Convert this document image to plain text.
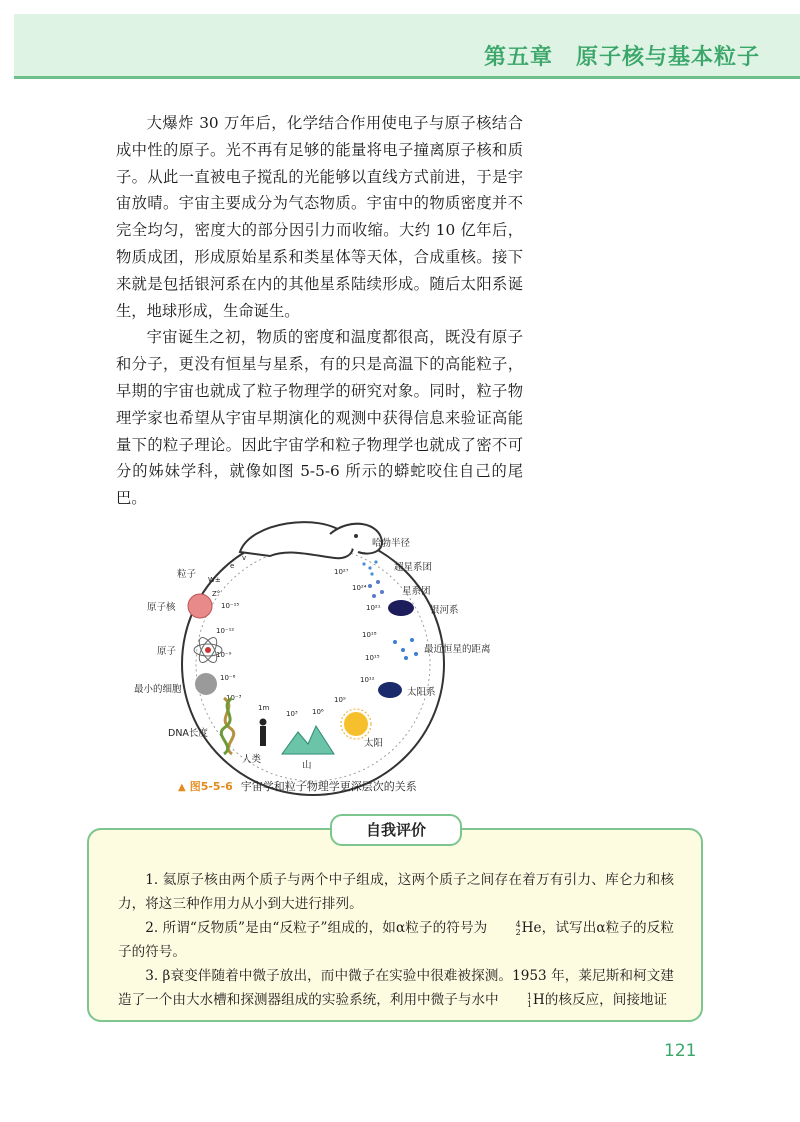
第五章　原子核与基本粒子

大爆炸 30 万年后，化学结合作用使电子与原子核结合成中性的原子。光不再有足够的能量将电子撞离原子核和质子。从此一直被电子搅乱的光能够以直线方式前进，于是宇宙放晴。宇宙主要成分为气态物质。宇宙中的物质密度并不完全均匀，密度大的部分因引力而收缩。大约 10 亿年后，物质成团，形成原始星系和类星体等天体，合成重核。接下来就是包括银河系在内的其他星系陆续形成。随后太阳系诞生，地球形成，生命诞生。

宇宙诞生之初，物质的密度和温度都很高，既没有原子和分子，更没有恒星与星系，有的只是高温下的高能粒子，早期的宇宙也就成了粒子物理学的研究对象。同时，粒子物理学家也希望从宇宙早期演化的观测中获得信息来验证高能量下的粒子理论。因此宇宙学和粒子物理学也就成了密不可分的姊妹学科，就像如图 5-5-6 所示的蟒蛇咬住自己的尾巴。

粒子
原子核
原子
最小的细胞
DNA长度
人类
山
哈勃半径
超星系团
星系团
银河系
最近恒星的距离
太阳系
太阳
W±
e
v
Z°
10⁻¹⁵
10⁻¹²
10⁻⁹
10⁻⁶
10⁻³
1m
10³ 10⁶
10⁹
10¹²
10¹⁵
10¹⁸
10²¹
10²⁴
10²⁷
▲ 图5-5-6 宇宙学和粒子物理学更深层次的关系
自我评价

1. 氦原子核由两个质子与两个中子组成，这两个质子之间存在着万有引力、库仑力和核力，将这三种作用力从小到大进行排列。

2. 所谓“反物质”是由“反粒子”组成的，如α粒子的符号为	4
2He，试写出α粒子的反粒子的符号。

3. β衰变伴随着中微子放出，而中微子在实验中很难被探测。1953 年，莱尼斯和柯文建造了一个由大水槽和探测器组成的实验系统，利用中微子与水中	1
1H的核反应，间接地证

121
